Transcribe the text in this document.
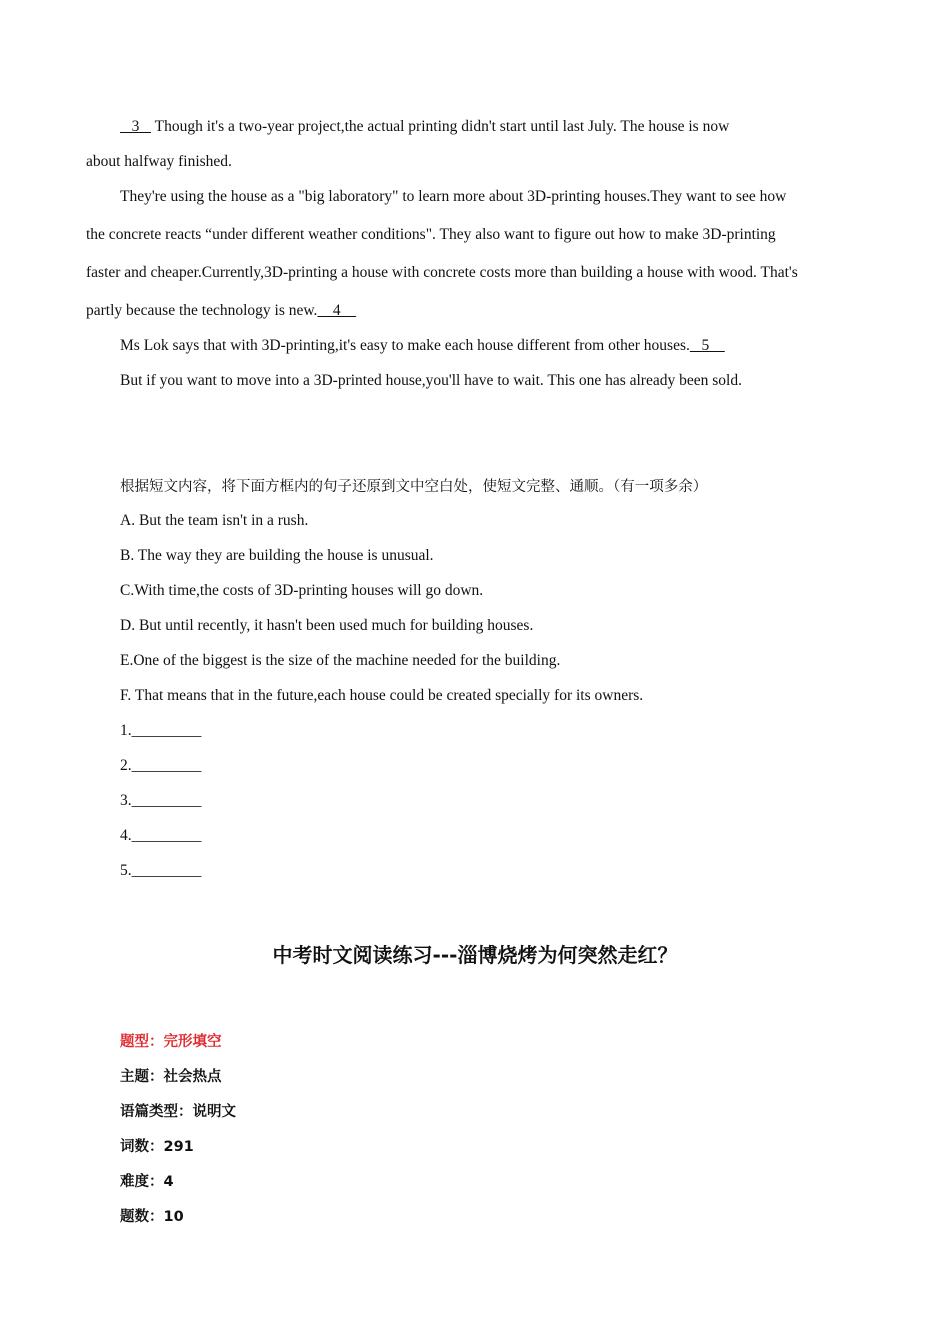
3    Though it's a two-year project,the actual printing didn't start until last July. The house is now
about halfway finished.
They're using the house as a "big laboratory" to learn more about 3D-printing houses.They want to see how
the concrete reacts “under different weather conditions". They also want to figure out how to make 3D-printing
faster and cheaper.Currently,3D-printing a house with concrete costs more than building a house with wood. That's
partly because the technology is new.    4
Ms Lok says that with 3D-printing,it's easy to make each house different from other houses.   5
But if you want to move into a 3D-printed house,you'll have to wait. This one has already been sold.
根据短文内容，将下面方框内的句子还原到文中空白处，使短文完整、通顺。（有一项多余）
A. But the team isn't in a rush.
B. The way they are building the house is unusual.
C.With time,the costs of 3D-printing houses will go down.
D. But until recently, it hasn't been used much for building houses.
E.One of the biggest is the size of the machine needed for the building.
F. That means that in the future,each house could be created specially for its owners.
1._________
2._________
3._________
4._________
5._________
中考时文阅读练习---淄博烧烤为何突然走红？
题型：完形填空
主题：社会热点
语篇类型：说明文
词数：291
难度：4
题数：10
